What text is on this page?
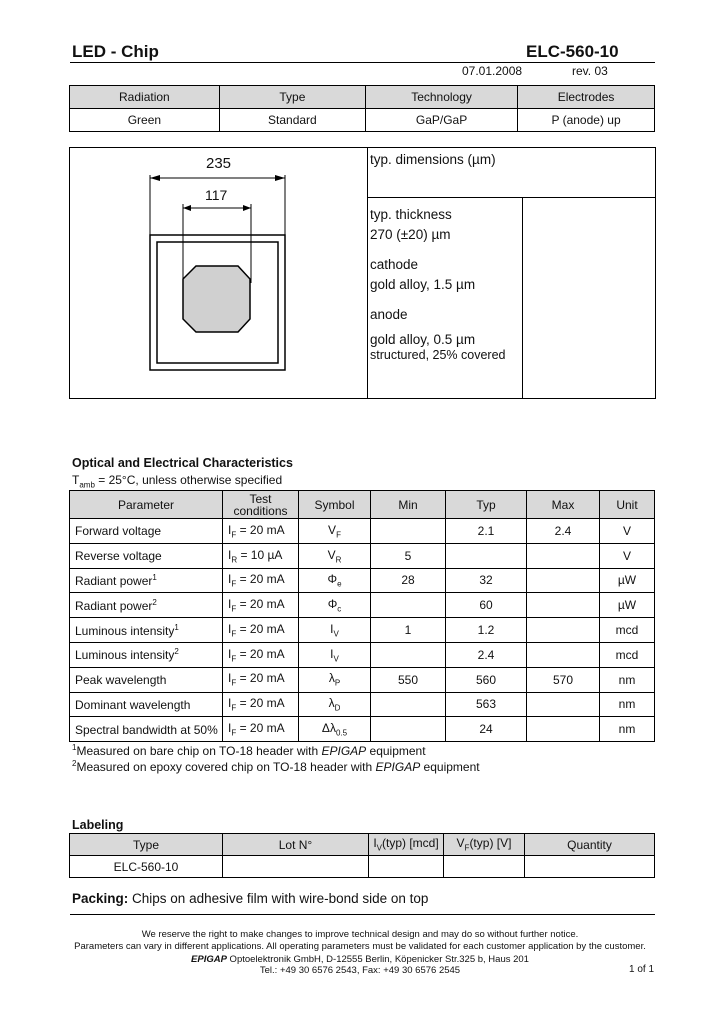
LED - Chip	ELC-560-10
07.01.2008	rev. 03
Radiation	Type	Technology	Electrodes
Green	Standard	GaP/GaP	P (anode) up
235
117
typ. dimensions (µm)
typ. thickness
270 (±20) µm
cathode
gold alloy, 1.5 µm
anode
gold alloy, 0.5 µm
structured, 25% covered
Optical and Electrical Characteristics
$T_{amb} = 25^\circ C$, unless otherwise specified
Parameter	Test conditions	Symbol	Min	Typ	Max	Unit
Forward voltage	$I_F = 20$ mA	$V_F$		2.1	2.4	V
Reverse voltage	$I_R = 10$ µA	$V_R$	5			V
Radiant power$^1$	$I_F = 20$ mA	$\Phi_e$	28	32		µW
Radiant power$^2$	$I_F = 20$ mA	$\Phi_c$		60		µW
Luminous intensity$^1$	$I_F = 20$ mA	$I_V$	1	1.2		mcd
Luminous intensity$^2$	$I_F = 20$ mA	$I_V$		2.4		mcd
Peak wavelength	$I_F = 20$ mA	$\lambda_P$	550	560	570	nm
Dominant wavelength	$I_F = 20$ mA	$\lambda_D$		563		nm
Spectral bandwidth at 50%	$I_F = 20$ mA	$\Delta\lambda_{0.5}$		24		nm
$^1$Measured on bare chip on TO-18 header with EPIGAP equipment
$^2$Measured on epoxy covered chip on TO-18 header with EPIGAP equipment
Labeling
Type	Lot N°	$I_V(typ)$ [mcd]	$V_F(typ)$ [V]	Quantity
ELC-560-10				
Packing: Chips on adhesive film with wire-bond side on top
We reserve the right to make changes to improve technical design and may do so without further notice.
Parameters can vary in different applications. All operating parameters must be validated for each customer application by the customer.
EPIGAP Optoelektronik GmbH, D-12555 Berlin, Köpenicker Str.325 b, Haus 201
Tel.: +49 30 6576 2543, Fax: +49 30 6576 2545	1 of 1
